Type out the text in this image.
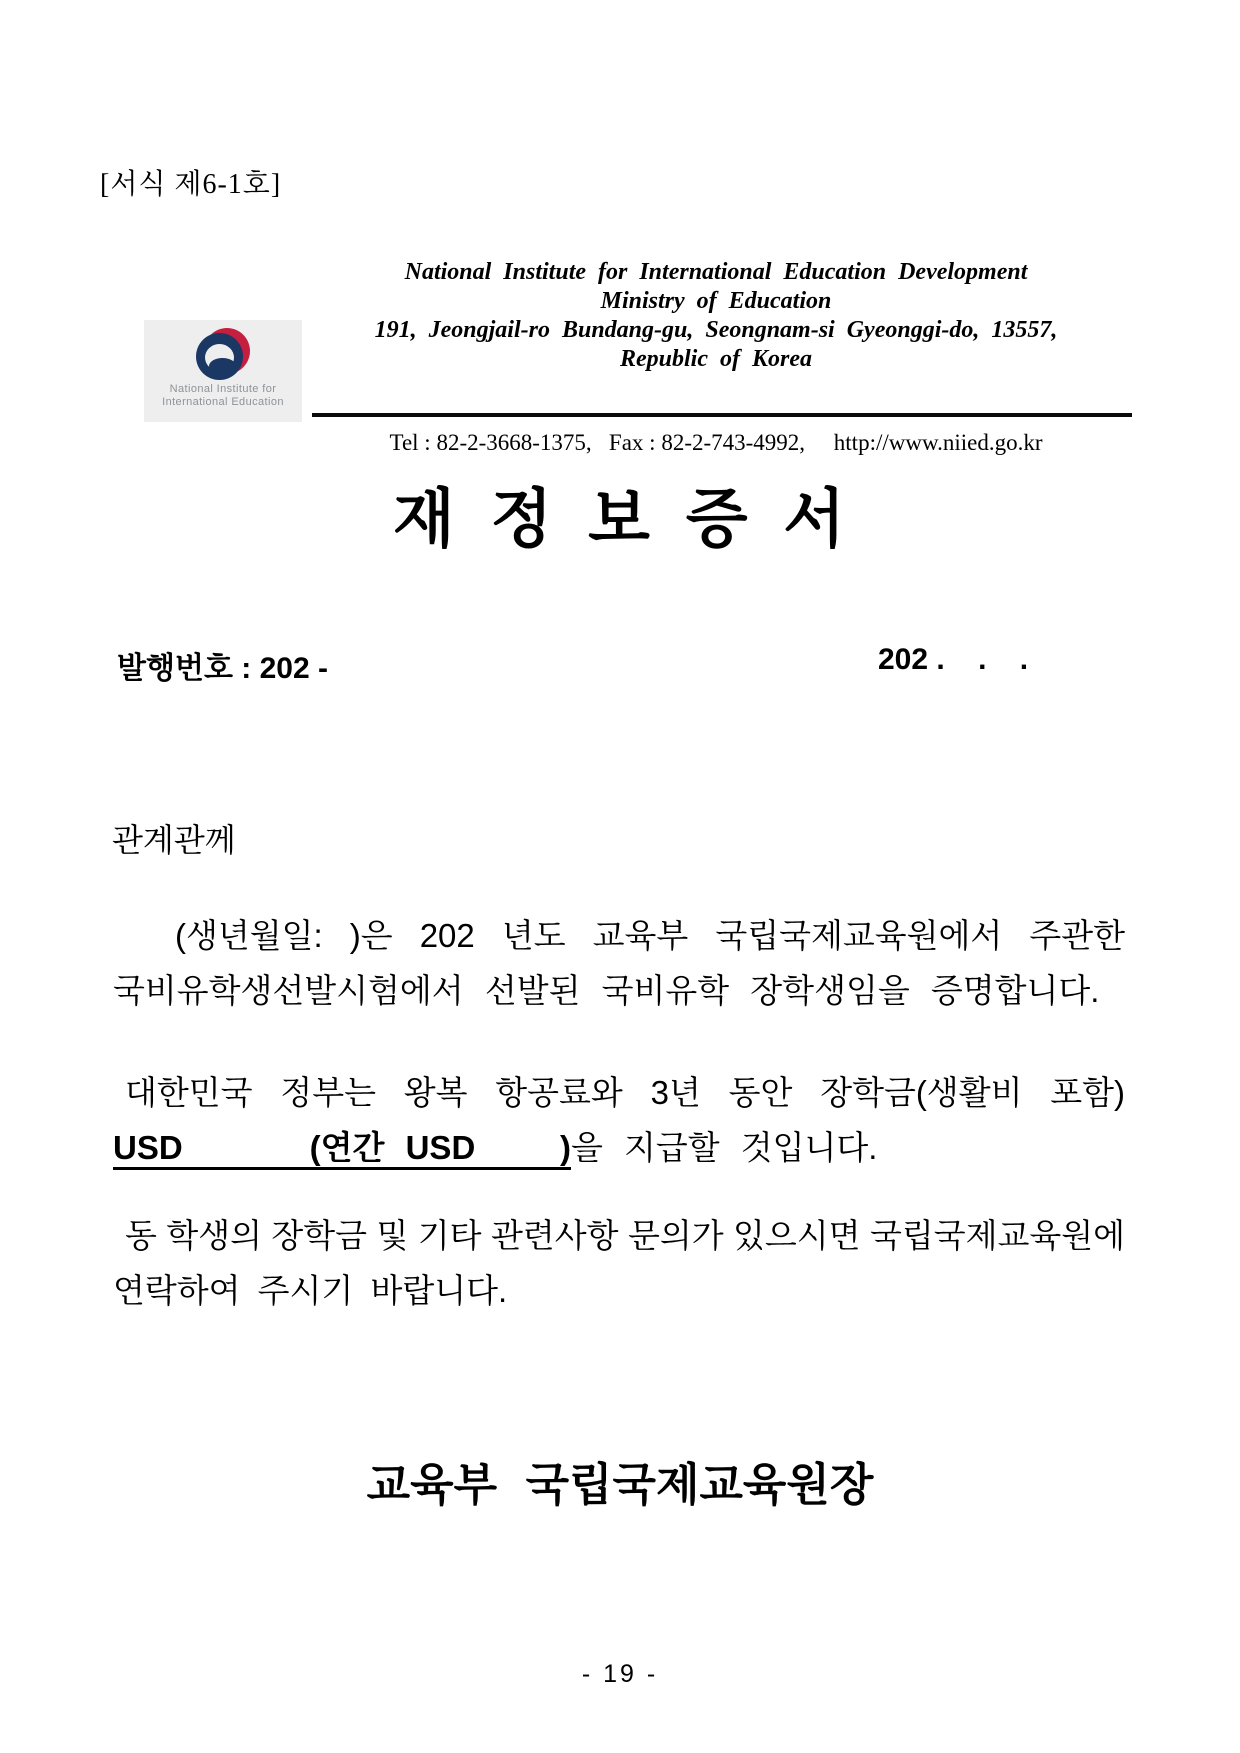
[서식 제6-1호]
National Institute for
International Education
National Institute for International Education Development
Ministry of Education
191, Jeongjail-ro Bundang-gu, Seongnam-si Gyeonggi-do, 13557,
Republic of Korea
Tel : 82-2-3668-1375,   Fax : 82-2-743-4992,     http://www.niied.go.kr
재 정 보 증 서
발행번호 : 202 -	202 .    .    .
관계관께
(생년월일: )은 202 년도 교육부 국립국제교육원에서 주관한
국비유학생선발시험에서 선발된 국비유학 장학생임을 증명합니다.
대한민국 정부는 왕복 항공료와 3년 동안 장학금(생활비 포함)
USD      (연간 USD    )을 지급할 것입니다.
동 학생의 장학금 및 기타 관련사항 문의가 있으시면 국립국제교육원에
연락하여 주시기 바랍니다.
교육부 국립국제교육원장
- 19 -
